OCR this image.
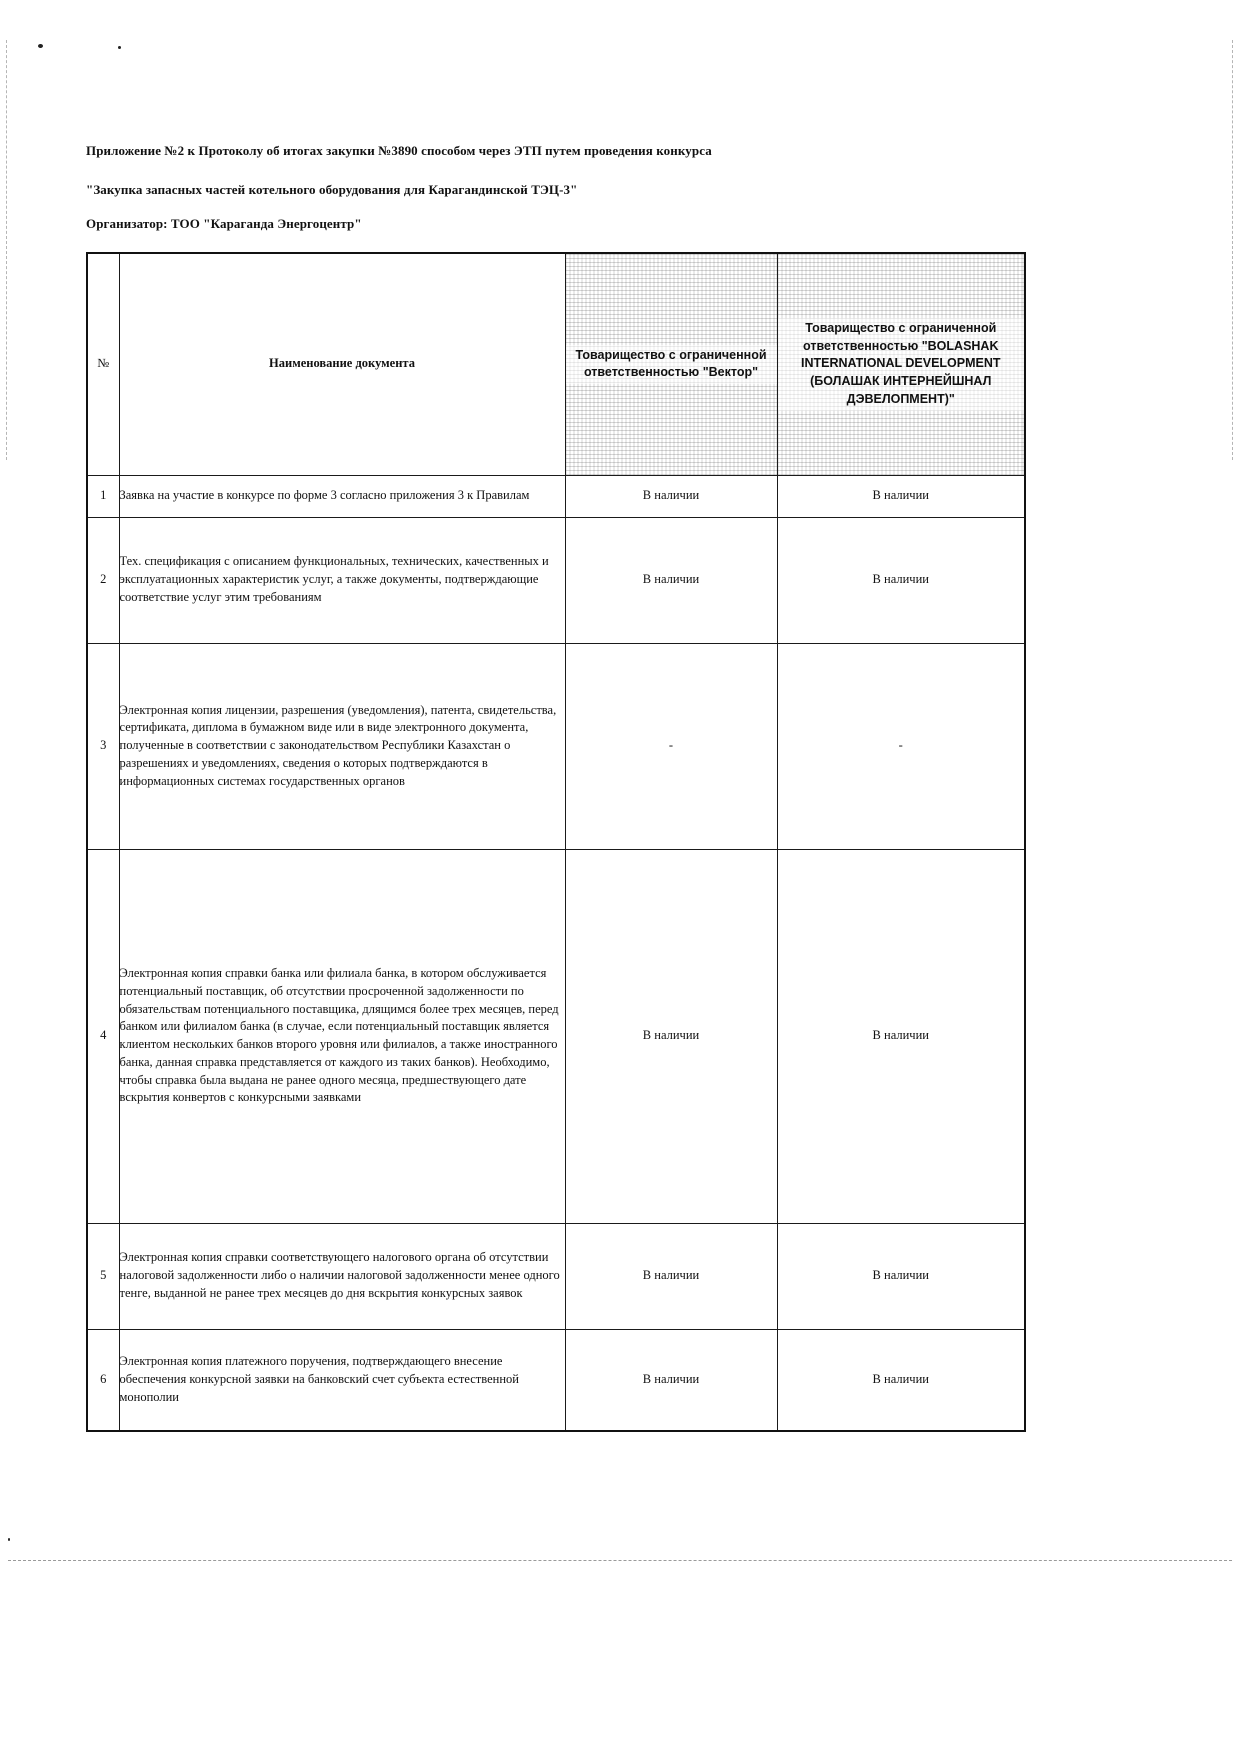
Приложение №2 к Протоколу об итогах закупки №3890 способом через ЭТП путем проведения конкурса

"Закупка запасных частей котельного оборудования для Карагандинской ТЭЦ-3"

Организатор: ТОО "Караганда Энергоцентр"

№	Наименование документа	Товарищество с ограниченной ответственностью "Вектор"	Товарищество с ограниченной ответственностью "BOLASHAK INTERNATIONAL DEVELOPMENT (БОЛАШАК ИНТЕРНЕЙШНАЛ ДЭВЕЛОПМЕНТ)"
1	Заявка на участие в конкурсе по форме 3 согласно приложения 3 к Правилам	В наличии	В наличии
2	Тех. спецификация с описанием функциональных, технических, качественных и эксплуатационных характеристик услуг, а также документы, подтверждающие соответствие услуг этим требованиям	В наличии	В наличии
3	Электронная копия лицензии, разрешения (уведомления), патента, свидетельства, сертификата, диплома в бумажном виде или в виде электронного документа, полученные в соответствии с законодательством Республики Казахстан о разрешениях и уведомлениях, сведения о которых подтверждаются в информационных системах государственных органов	-	-
4	Электронная копия справки банка или филиала банка, в котором обслуживается потенциальный поставщик, об отсутствии просроченной задолженности по обязательствам потенциального поставщика, длящимся более трех месяцев, перед банком или филиалом банка (в случае, если потенциальный поставщик является клиентом нескольких банков второго уровня или филиалов, а также иностранного банка, данная справка представляется от каждого из таких банков). Необходимо, чтобы справка была выдана не ранее одного месяца, предшествующего дате вскрытия конвертов с конкурсными заявками	В наличии	В наличии
5	Электронная копия справки соответствующего налогового органа об отсутствии налоговой задолженности либо о наличии налоговой задолженности менее одного тенге, выданной не ранее трех месяцев до дня вскрытия конкурсных заявок	В наличии	В наличии
6	Электронная копия платежного поручения, подтверждающего внесение обеспечения конкурсной заявки на банковский счет субъекта естественной монополии	В наличии	В наличии
